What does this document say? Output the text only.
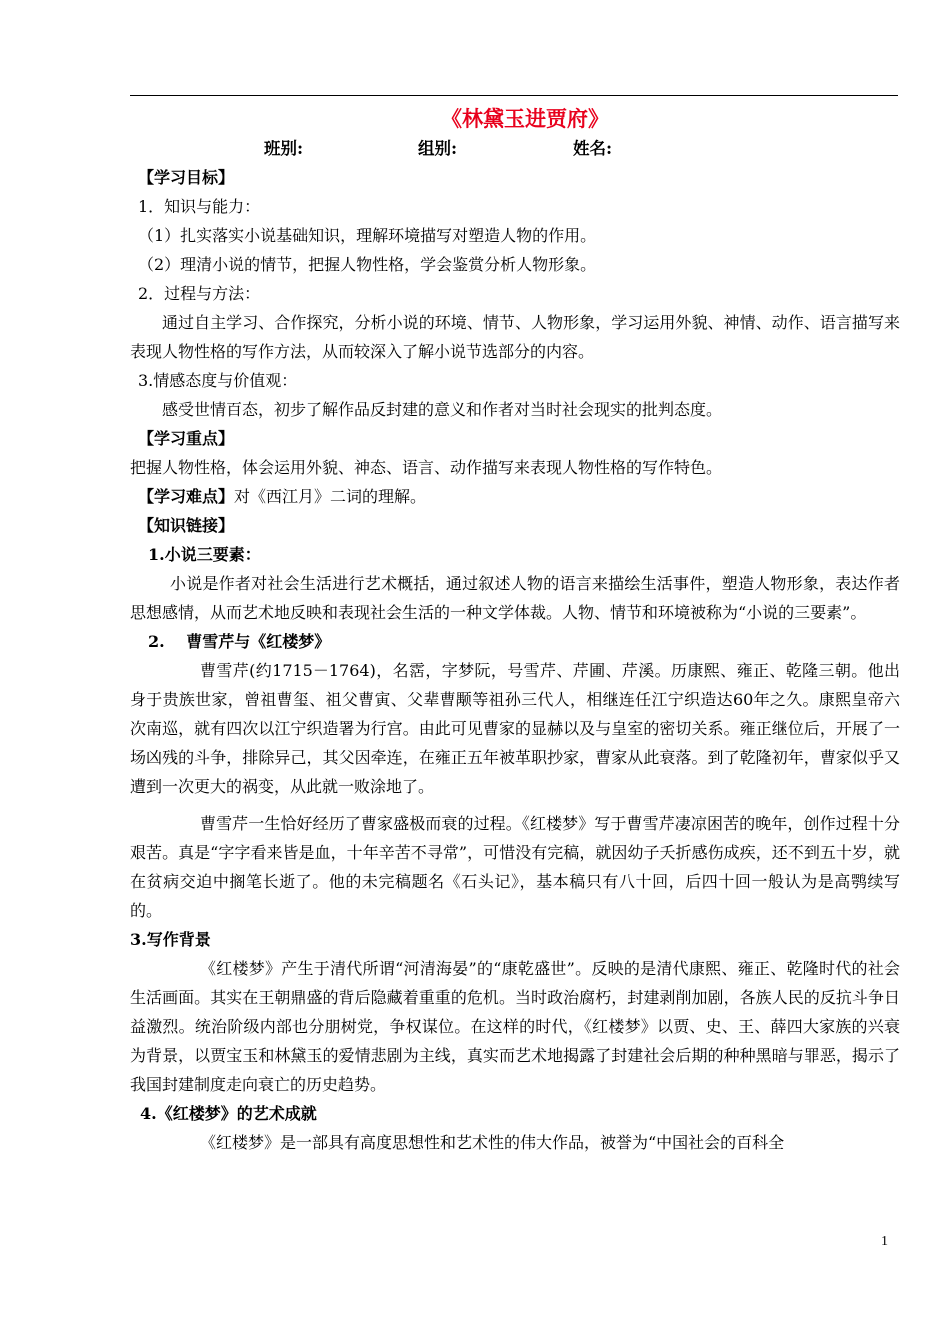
《林黛玉进贾府》
班别:	组别:	姓名:
【学习目标】
1．知识与能力：
（1）扎实落实小说基础知识，理解环境描写对塑造人物的作用。
（2）理清小说的情节，把握人物性格，学会鉴赏分析人物形象。
2．过程与方法：
通过自主学习、合作探究，分析小说的环境、情节、人物形象，学习运用外貌、神情、动作、语言描写来表现人物性格的写作方法，从而较深入了解小说节选部分的内容。
3.情感态度与价值观：
感受世情百态，初步了解作品反封建的意义和作者对当时社会现实的批判态度。
【学习重点】
把握人物性格，体会运用外貌、神态、语言、动作描写来表现人物性格的写作特色。
【学习难点】对《西江月》二词的理解。
【知识链接】
1.小说三要素：
小说是作者对社会生活进行艺术概括，通过叙述人物的语言来描绘生活事件，塑造人物形象，表达作者思想感情，从而艺术地反映和表现社会生活的一种文学体裁。人物、情节和环境被称为“小说的三要素”。
2.　 曹雪芹与《红楼梦》
曹雪芹(约1715－1764)，名霑，字梦阮，号雪芹、芹圃、芹溪。历康熙、雍正、乾隆三朝。他出身于贵族世家，曾祖曹玺、祖父曹寅、父辈曹颙等祖孙三代人，相继连任江宁织造达60年之久。康熙皇帝六次南巡，就有四次以江宁织造署为行宫。由此可见曹家的显赫以及与皇室的密切关系。雍正继位后，开展了一场凶残的斗争，排除异己，其父因牵连，在雍正五年被革职抄家，曹家从此衰落。到了乾隆初年，曹家似乎又遭到一次更大的祸变，从此就一败涂地了。
曹雪芹一生恰好经历了曹家盛极而衰的过程。《红楼梦》写于曹雪芹凄凉困苦的晚年，创作过程十分艰苦。真是“字字看来皆是血，十年辛苦不寻常”，可惜没有完稿，就因幼子夭折感伤成疾，还不到五十岁，就在贫病交迫中搁笔长逝了。他的未完稿题名《石头记》，基本稿只有八十回，后四十回一般认为是高鹗续写的。
3.写作背景
《红楼梦》产生于清代所谓“河清海晏”的“康乾盛世”。反映的是清代康熙、雍正、乾隆时代的社会生活画面。其实在王朝鼎盛的背后隐藏着重重的危机。当时政治腐朽，封建剥削加剧，各族人民的反抗斗争日益激烈。统治阶级内部也分朋树党，争权谋位。在这样的时代，《红楼梦》以贾、史、王、薛四大家族的兴衰为背景，以贾宝玉和林黛玉的爱情悲剧为主线，真实而艺术地揭露了封建社会后期的种种黑暗与罪恶，揭示了我国封建制度走向衰亡的历史趋势。
4.《红楼梦》的艺术成就
《红楼梦》是一部具有高度思想性和艺术性的伟大作品，被誉为“中国社会的百科全
1
